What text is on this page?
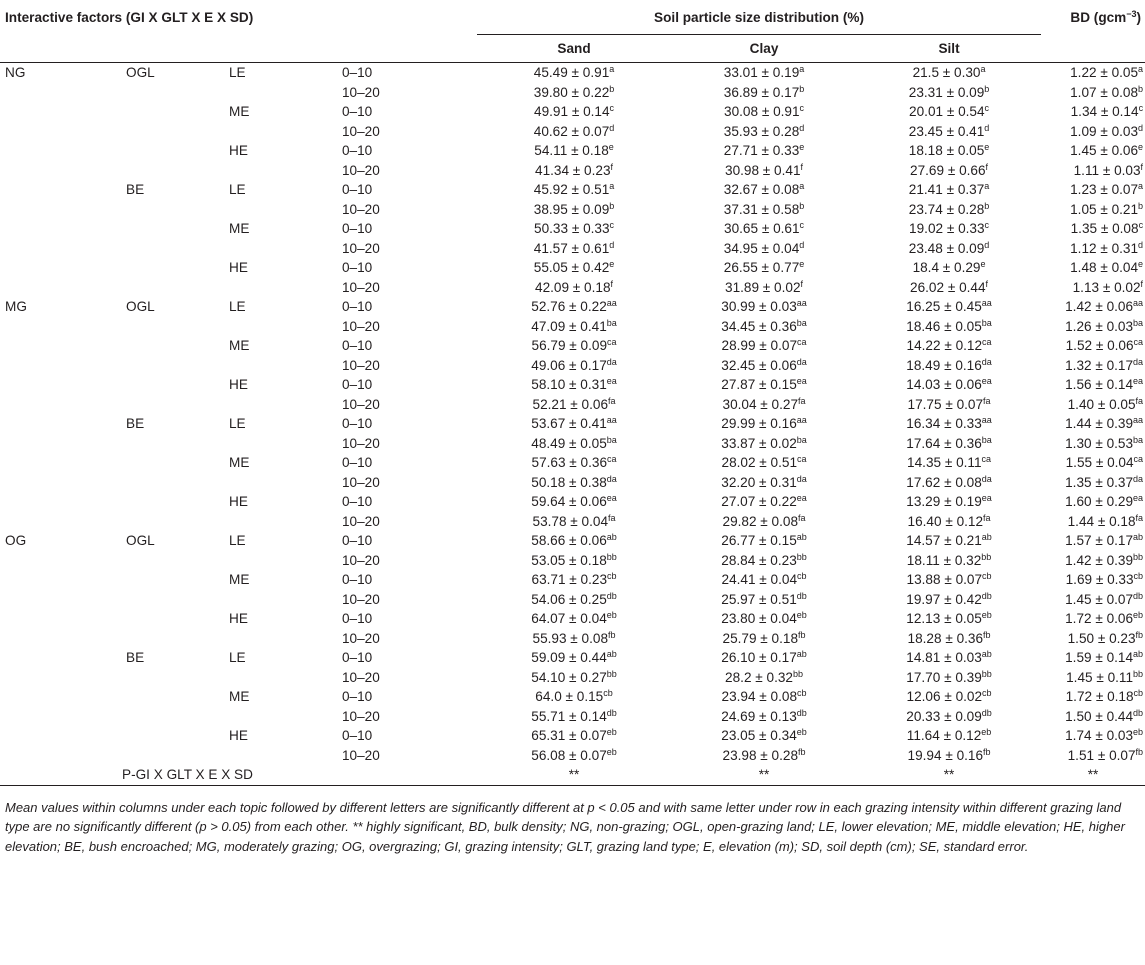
Interactive factors (GI X GLT X E X SD)				Soil particle size distribution (%)			BD (gcm$^{-3}$)
				Sand	Clay	Silt	
NG	OGL	LE	0–10	45.49 ± 0.91$^a$	33.01 ± 0.19$^a$	21.5 ± 0.30$^a$	1.22 ± 0.05$^a$
			10–20	39.80 ± 0.22$^b$	36.89 ± 0.17$^b$	23.31 ± 0.09$^b$	1.07 ± 0.08$^b$
		ME	0–10	49.91 ± 0.14$^c$	30.08 ± 0.91$^c$	20.01 ± 0.54$^c$	1.34 ± 0.14$^c$
			10–20	40.62 ± 0.07$^d$	35.93 ± 0.28$^d$	23.45 ± 0.41$^d$	1.09 ± 0.03$^d$
		HE	0–10	54.11 ± 0.18$^e$	27.71 ± 0.33$^e$	18.18 ± 0.05$^e$	1.45 ± 0.06$^e$
			10–20	41.34 ± 0.23$^f$	30.98 ± 0.41$^f$	27.69 ± 0.66$^f$	1.11 ± 0.03$^f$
	BE	LE	0–10	45.92 ± 0.51$^a$	32.67 ± 0.08$^a$	21.41 ± 0.37$^a$	1.23 ± 0.07$^a$
			10–20	38.95 ± 0.09$^b$	37.31 ± 0.58$^b$	23.74 ± 0.28$^b$	1.05 ± 0.21$^b$
		ME	0–10	50.33 ± 0.33$^c$	30.65 ± 0.61$^c$	19.02 ± 0.33$^c$	1.35 ± 0.08$^c$
			10–20	41.57 ± 0.61$^d$	34.95 ± 0.04$^d$	23.48 ± 0.09$^d$	1.12 ± 0.31$^d$
		HE	0–10	55.05 ± 0.42$^e$	26.55 ± 0.77$^e$	18.4 ± 0.29$^e$	1.48 ± 0.04$^e$
			10–20	42.09 ± 0.18$^f$	31.89 ± 0.02$^f$	26.02 ± 0.44$^f$	1.13 ± 0.02$^f$
MG	OGL	LE	0–10	52.76 ± 0.22$^{aa}$	30.99 ± 0.03$^{aa}$	16.25 ± 0.45$^{aa}$	1.42 ± 0.06$^{aa}$
			10–20	47.09 ± 0.41$^{ba}$	34.45 ± 0.36$^{ba}$	18.46 ± 0.05$^{ba}$	1.26 ± 0.03$^{ba}$
		ME	0–10	56.79 ± 0.09$^{ca}$	28.99 ± 0.07$^{ca}$	14.22 ± 0.12$^{ca}$	1.52 ± 0.06$^{ca}$
			10–20	49.06 ± 0.17$^{da}$	32.45 ± 0.06$^{da}$	18.49 ± 0.16$^{da}$	1.32 ± 0.17$^{da}$
		HE	0–10	58.10 ± 0.31$^{ea}$	27.87 ± 0.15$^{ea}$	14.03 ± 0.06$^{ea}$	1.56 ± 0.14$^{ea}$
			10–20	52.21 ± 0.06$^{fa}$	30.04 ± 0.27$^{fa}$	17.75 ± 0.07$^{fa}$	1.40 ± 0.05$^{fa}$
	BE	LE	0–10	53.67 ± 0.41$^{aa}$	29.99 ± 0.16$^{aa}$	16.34 ± 0.33$^{aa}$	1.44 ± 0.39$^{aa}$
			10–20	48.49 ± 0.05$^{ba}$	33.87 ± 0.02$^{ba}$	17.64 ± 0.36$^{ba}$	1.30 ± 0.53$^{ba}$
		ME	0–10	57.63 ± 0.36$^{ca}$	28.02 ± 0.51$^{ca}$	14.35 ± 0.11$^{ca}$	1.55 ± 0.04$^{ca}$
			10–20	50.18 ± 0.38$^{da}$	32.20 ± 0.31$^{da}$	17.62 ± 0.08$^{da}$	1.35 ± 0.37$^{da}$
		HE	0–10	59.64 ± 0.06$^{ea}$	27.07 ± 0.22$^{ea}$	13.29 ± 0.19$^{ea}$	1.60 ± 0.29$^{ea}$
			10–20	53.78 ± 0.04$^{fa}$	29.82 ± 0.08$^{fa}$	16.40 ± 0.12$^{fa}$	1.44 ± 0.18$^{fa}$
OG	OGL	LE	0–10	58.66 ± 0.06$^{ab}$	26.77 ± 0.15$^{ab}$	14.57 ± 0.21$^{ab}$	1.57 ± 0.17$^{ab}$
			10–20	53.05 ± 0.18$^{bb}$	28.84 ± 0.23$^{bb}$	18.11 ± 0.32$^{bb}$	1.42 ± 0.39$^{bb}$
		ME	0–10	63.71 ± 0.23$^{cb}$	24.41 ± 0.04$^{cb}$	13.88 ± 0.07$^{cb}$	1.69 ± 0.33$^{cb}$
			10–20	54.06 ± 0.25$^{db}$	25.97 ± 0.51$^{db}$	19.97 ± 0.42$^{db}$	1.45 ± 0.07$^{db}$
		HE	0–10	64.07 ± 0.04$^{eb}$	23.80 ± 0.04$^{eb}$	12.13 ± 0.05$^{eb}$	1.72 ± 0.06$^{eb}$
			10–20	55.93 ± 0.08$^{fb}$	25.79 ± 0.18$^{fb}$	18.28 ± 0.36$^{fb}$	1.50 ± 0.23$^{fb}$
	BE	LE	0–10	59.09 ± 0.44$^{ab}$	26.10 ± 0.17$^{ab}$	14.81 ± 0.03$^{ab}$	1.59 ± 0.14$^{ab}$
			10–20	54.10 ± 0.27$^{bb}$	28.2 ± 0.32$^{bb}$	17.70 ± 0.39$^{bb}$	1.45 ± 0.11$^{bb}$
		ME	0–10	64.0 ± 0.15$^{cb}$	23.94 ± 0.08$^{cb}$	12.06 ± 0.02$^{cb}$	1.72 ± 0.18$^{cb}$
			10–20	55.71 ± 0.14$^{db}$	24.69 ± 0.13$^{db}$	20.33 ± 0.09$^{db}$	1.50 ± 0.44$^{db}$
		HE	0–10	65.31 ± 0.07$^{eb}$	23.05 ± 0.34$^{eb}$	11.64 ± 0.12$^{eb}$	1.74 ± 0.03$^{eb}$
			10–20	56.08 ± 0.07$^{eb}$	23.98 ± 0.28$^{fb}$	19.94 ± 0.16$^{fb}$	1.51 ± 0.07$^{fb}$
P-GI X GLT X E X SD				**	**	**	**
Mean values within columns under each topic followed by different letters are significantly different at p < 0.05 and with same letter under row in each grazing intensity within different grazing land type are no significantly different (p > 0.05) from each other. ** highly significant, BD, bulk density; NG, non-grazing; OGL, open-grazing land; LE, lower elevation; ME, middle elevation; HE, higher elevation; BE, bush encroached; MG, moderately grazing; OG, overgrazing; GI, grazing intensity; GLT, grazing land type; E, elevation (m); SD, soil depth (cm); SE, standard error.
